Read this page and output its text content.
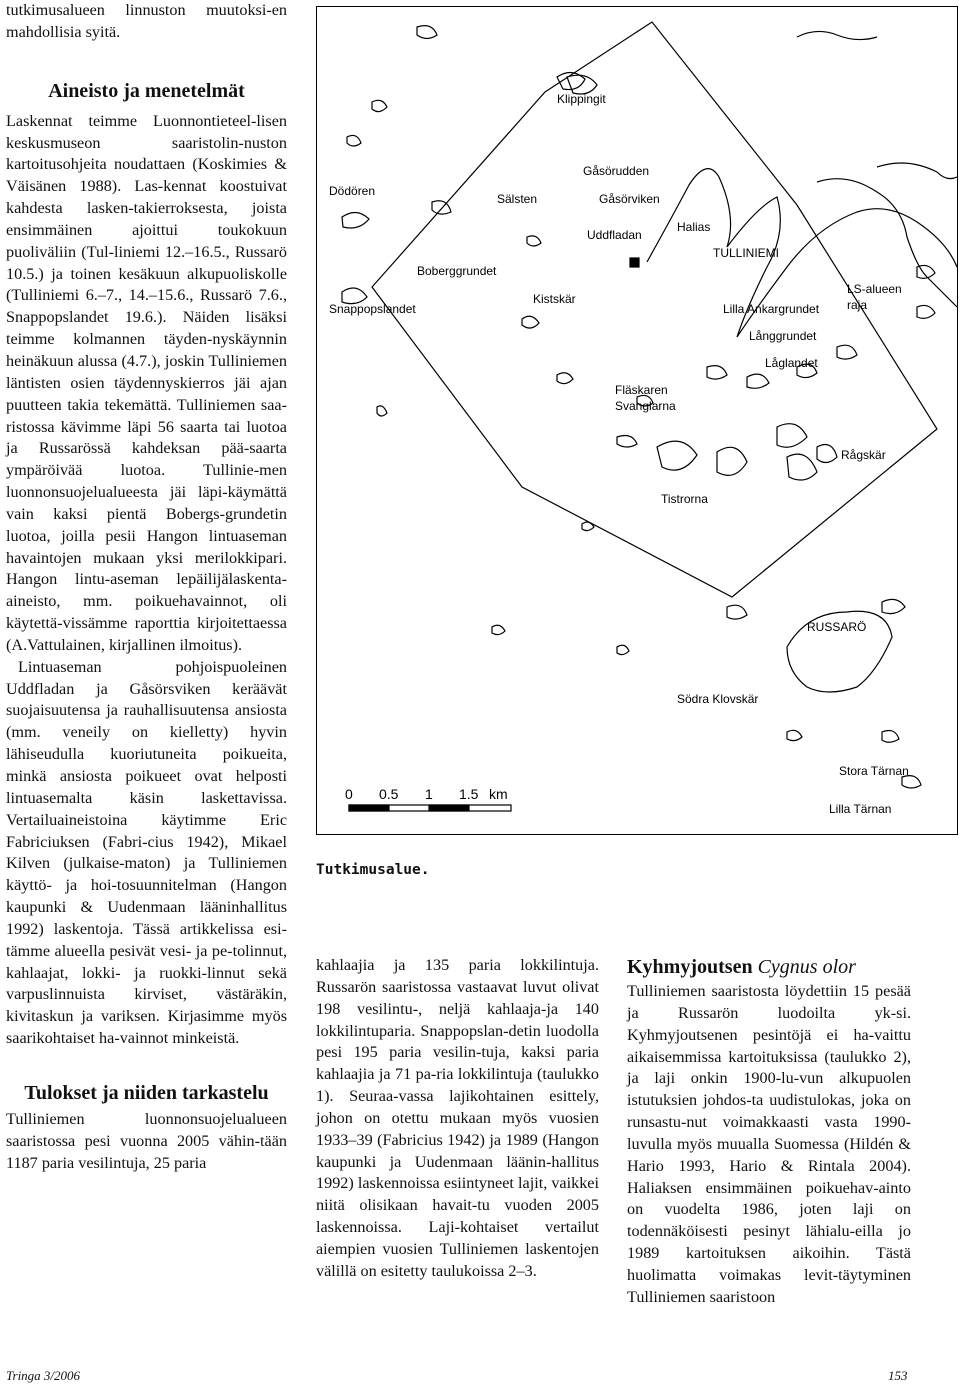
tutkimusalueen linnuston muutoksi-en mahdollisia syitä.

Aineisto ja menetelmät

Laskennat teimme Luonnontieteel-lisen keskusmuseon saaristolin-nuston kartoitusohjeita noudattaen (Koskimies & Väisänen 1988). Las-kennat koostuivat kahdesta lasken-takierroksesta, joista ensimmäinen ajoittui toukokuun puoliväliin (Tul-liniemi 12.–16.5., Russarö 10.5.) ja toinen kesäkuun alkupuoliskolle (Tulliniemi 6.–7., 14.–15.6., Russarö 7.6., Snappopslandet 19.6.). Näiden lisäksi teimme kolmannen täyden-nyskäynnin heinäkuun alussa (4.7.), joskin Tulliniemen läntisten osien täydennyskierros jäi ajan puutteen takia tekemättä. Tulliniemen saa-ristossa kävimme läpi 56 saarta tai luotoa ja Russarössä kahdeksan pää-saarta ympäröivää luotoa. Tullinie-men luonnonsuojelualueesta jäi läpi-käymättä vain kaksi pientä Bobergs-grundetin luotoa, joilla pesii Hangon lintuaseman havaintojen mukaan yksi merilokkipari. Hangon lintu-aseman lepäilijälaskenta-aineisto, mm. poikuehavainnot, oli käytettä-vissämme raporttia kirjoitettaessa (A.Vattulainen, kirjallinen ilmoitus).

Lintuaseman pohjoispuoleinen Uddfladan ja Gåsörsviken keräävät suojaisuutensa ja rauhallisuutensa ansiosta (mm. veneily on kielletty) hyvin lähiseudulla kuoriutuneita poikueita, minkä ansiosta poikueet ovat helposti lintuasemalta käsin laskettavissa. Vertailuaineistoina käytimme Eric Fabriciuksen (Fabri-cius 1942), Mikael Kilven (julkaise-maton) ja Tulliniemen käyttö- ja hoi-tosuunnitelman (Hangon kaupunki & Uudenmaan lääninhallitus 1992) laskentoja. Tässä artikkelissa esi-tämme alueella pesivät vesi- ja pe-tolinnut, kahlaajat, lokki- ja ruokki-linnut sekä varpuslinnuista kirviset, västäräkin, kivitaskun ja variksen. Kirjasimme myös saarikohtaiset ha-vainnot minkeistä.

Tulokset ja niiden tarkastelu

Tulliniemen luonnonsuojelualueen saaristossa pesi vuonna 2005 vähin-tään 1187 paria vesilintuja, 25 paria

Klippingit
Gåsörudden
Sälsten	Gåsörviken
Dödören
Uddfladan
Halias
TULLINIEMI
Boberggrundet
LS-alueen
raja
Kistskär
Snappopslandet	Lilla Ankargrundet
Långgrundet
Låglandet
Fläskaren
Svanglarna
Rågskär
Tistrorna
RUSSARÖ
Södra Klovskär
Stora Tärnan
Lilla Tärnan
0 0.5 1 1.5 km
Tutkimusalue.

kahlaajia ja 135 paria lokkilintuja. Russarön saaristossa vastaavat luvut olivat 198 vesilintu-, neljä kahlaaja-ja 140 lokkilintuparia. Snappopslan-detin luodolla pesi 195 paria vesilin-tuja, kaksi paria kahlaajia ja 71 pa-ria lokkilintuja (taulukko 1). Seuraa-vassa lajikohtainen esittely, johon on otettu mukaan myös vuosien 1933–39 (Fabricius 1942) ja 1989 (Hangon kaupunki ja Uudenmaan läänin-hallitus 1992) laskennoissa esiintyneet lajit, vaikkei niitä olisikaan havait-tu vuoden 2005 laskennoissa. Laji-kohtaiset vertailut aiempien vuosien Tulliniemen laskentojen välillä on esitetty taulukoissa 2–3.

Kyhmyjoutsen Cygnus olor

Tulliniemen saaristosta löydettiin 15 pesää ja Russarön luodoilta yk-si. Kyhmyjoutsenen pesintöjä ei ha-vaittu aikaisemmissa kartoituksissa (taulukko 2), ja laji onkin 1900-lu-vun alkupuolen istutuksien johdos-ta uudistulokas, joka on runsastu-nut voimakkaasti vasta 1990-luvulla myös muualla Suomessa (Hildén & Hario 1993, Hario & Rintala 2004). Haliaksen ensimmäinen poikuehav-ainto on vuodelta 1986, joten laji on todennäköisesti pesinyt lähialu-eilla jo 1989 kartoituksen aikoihin. Tästä huolimatta voimakas levit-täytyminen Tulliniemen saaristoon

Tringa 3/2006	153
